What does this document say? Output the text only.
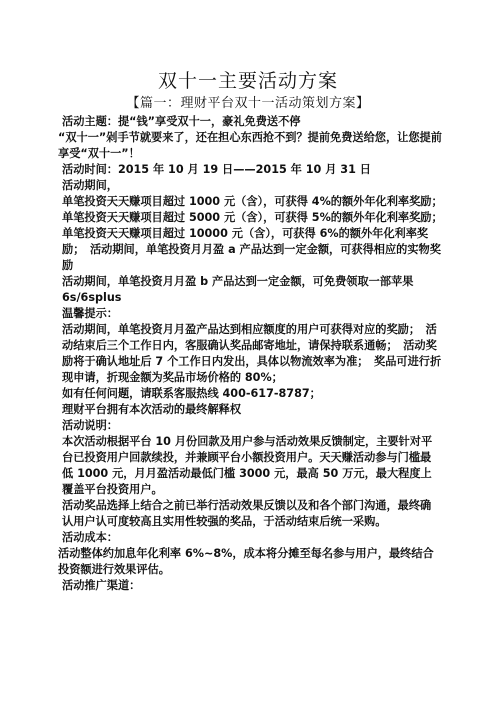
双十一主要活动方案
【篇一：理财平台双十一活动策划方案】

活动主题：提“钱”享受双十一，豪礼免费送不停

“双十一”剁手节就要来了，还在担心东西抢不到？提前免费送给您，让您提前享受“双十一”！

活动时间：2015 年 10 月 19 日——2015 年 10 月 31 日

活动期间，

单笔投资天天赚项目超过 1000 元（含），可获得 4%的额外年化利率奖励；　单笔投资天天赚项目超过 5000 元（含），可获得 5%的额外年化利率奖励；　单笔投资天天赚项目超过 10000 元（含），可获得 6%的额外年化利率奖励；　活动期间，单笔投资月月盈 a 产品达到一定金额，可获得相应的实物奖励

活动期间，单笔投资月月盈 b 产品达到一定金额，可免费领取一部苹果 6s/6splus

温馨提示：

活动期间，单笔投资月月盈产品达到相应额度的用户可获得对应的奖励；　活动结束后三个工作日内，客服确认奖品邮寄地址，请保持联系通畅；　活动奖励将于确认地址后 7 个工作日内发出，具体以物流效率为准；　奖品可进行折现申请，折现金额为奖品市场价格的 80%；

如有任何问题，请联系客服热线 400-617-8787；

理财平台拥有本次活动的最终解释权

活动说明：

本次活动根据平台 10 月份回款及用户参与活动效果反馈制定，主要针对平台已投资用户回款续投，并兼顾平台小额投资用户。天天赚活动参与门槛最低 1000 元，月月盈活动最低门槛 3000 元，最高 50 万元，最大程度上覆盖平台投资用户。

活动奖品选择上结合之前已举行活动效果反馈以及和各个部门沟通，最终确认用户认可度较高且实用性较强的奖品，于活动结束后统一采购。

活动成本：

活动整体约加息年化利率 6%~8%，成本将分摊至每名参与用户，最终结合投资额进行效果评估。

活动推广渠道：
